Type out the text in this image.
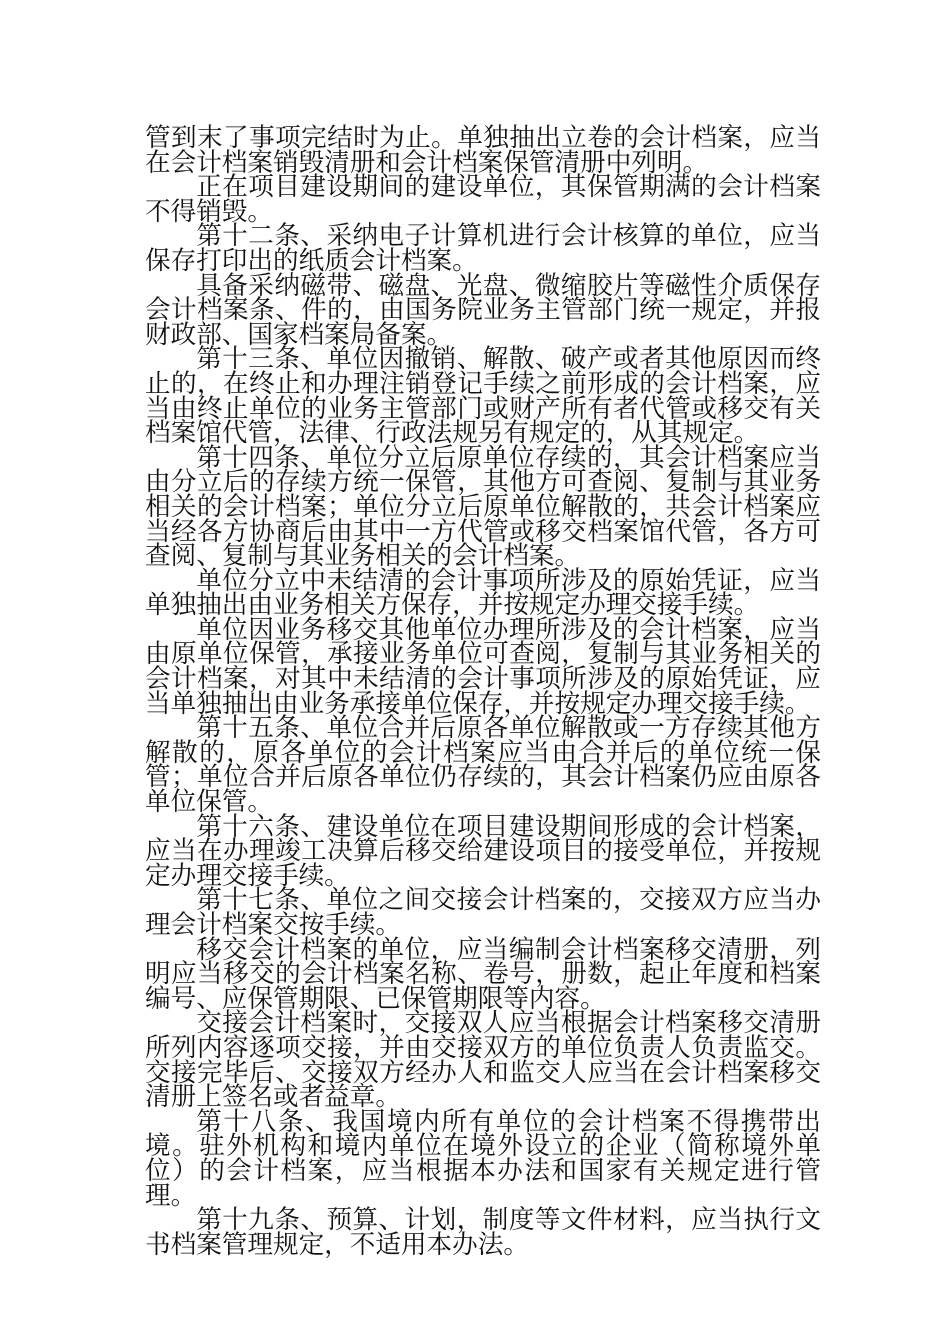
管到末了事项完结时为止。单独抽出立卷的会计档案，应当在会计档案销毁清册和会计档案保管清册中列明。

正在项目建设期间的建设单位，其保管期满的会计档案不得销毁。

第十二条、采纳电子计算机进行会计核算的单位，应当保存打印出的纸质会计档案。

具备采纳磁带、磁盘、光盘、微缩胶片等磁性介质保存会计档案条、件的，由国务院业务主管部门统一规定，并报财政部、国家档案局备案。

第十三条、单位因撤销、解散、破产或者其他原因而终止的，在终止和办理注销登记手续之前形成的会计档案，应当由终止单位的业务主管部门或财产所有者代管或移交有关档案馆代管，法律、行政法规另有规定的，从其规定。

第十四条、单位分立后原单位存续的，其会计档案应当由分立后的存续方统一保管，其他方可查阅、复制与其业务相关的会计档案；单位分立后原单位解散的，共会计档案应当经各方协商后由其中一方代管或移交档案馆代管，各方可查阅、复制与其业务相关的会计档案。

单位分立中未结清的会计事项所涉及的原始凭证，应当单独抽出由业务相关方保存，并按规定办理交接手续。

单位因业务移交其他单位办理所涉及的会计档案，应当由原单位保管，承接业务单位可查阅，复制与其业务相关的会计档案，对其中未结清的会计事项所涉及的原始凭证，应当单独抽出由业务承接单位保存，并按规定办理交接手续。

第十五条、单位合并后原各单位解散或一方存续其他方解散的，原各单位的会计档案应当由合并后的单位统一保管；单位合并后原各单位仍存续的，其会计档案仍应由原各单位保管。

第十六条、建设单位在项目建设期间形成的会计档案，应当在办理竣工决算后移交给建设项目的接受单位，并按规定办理交接手续。

第十七条、单位之间交接会计档案的，交接双方应当办理会计档案交按手续。

移交会计档案的单位，应当编制会计档案移交清册，列明应当移交的会计档案名称、卷号，册数，起止年度和档案编号、应保管期限、已保管期限等内容。

交接会计档案时，交接双人应当根据会计档案移交清册所列内容逐项交接，并由交接双方的单位负责人负责监交。交接完毕后、交接双方经办人和监交人应当在会计档案移交清册上签名或者益章。

第十八条、我国境内所有单位的会计档案不得携带出境。驻外机构和境内单位在境外设立的企业（简称境外单位）的会计档案，应当根据本办法和国家有关规定进行管理。

第十九条、预算、计划，制度等文件材料，应当执行文书档案管理规定，不适用本办法。
